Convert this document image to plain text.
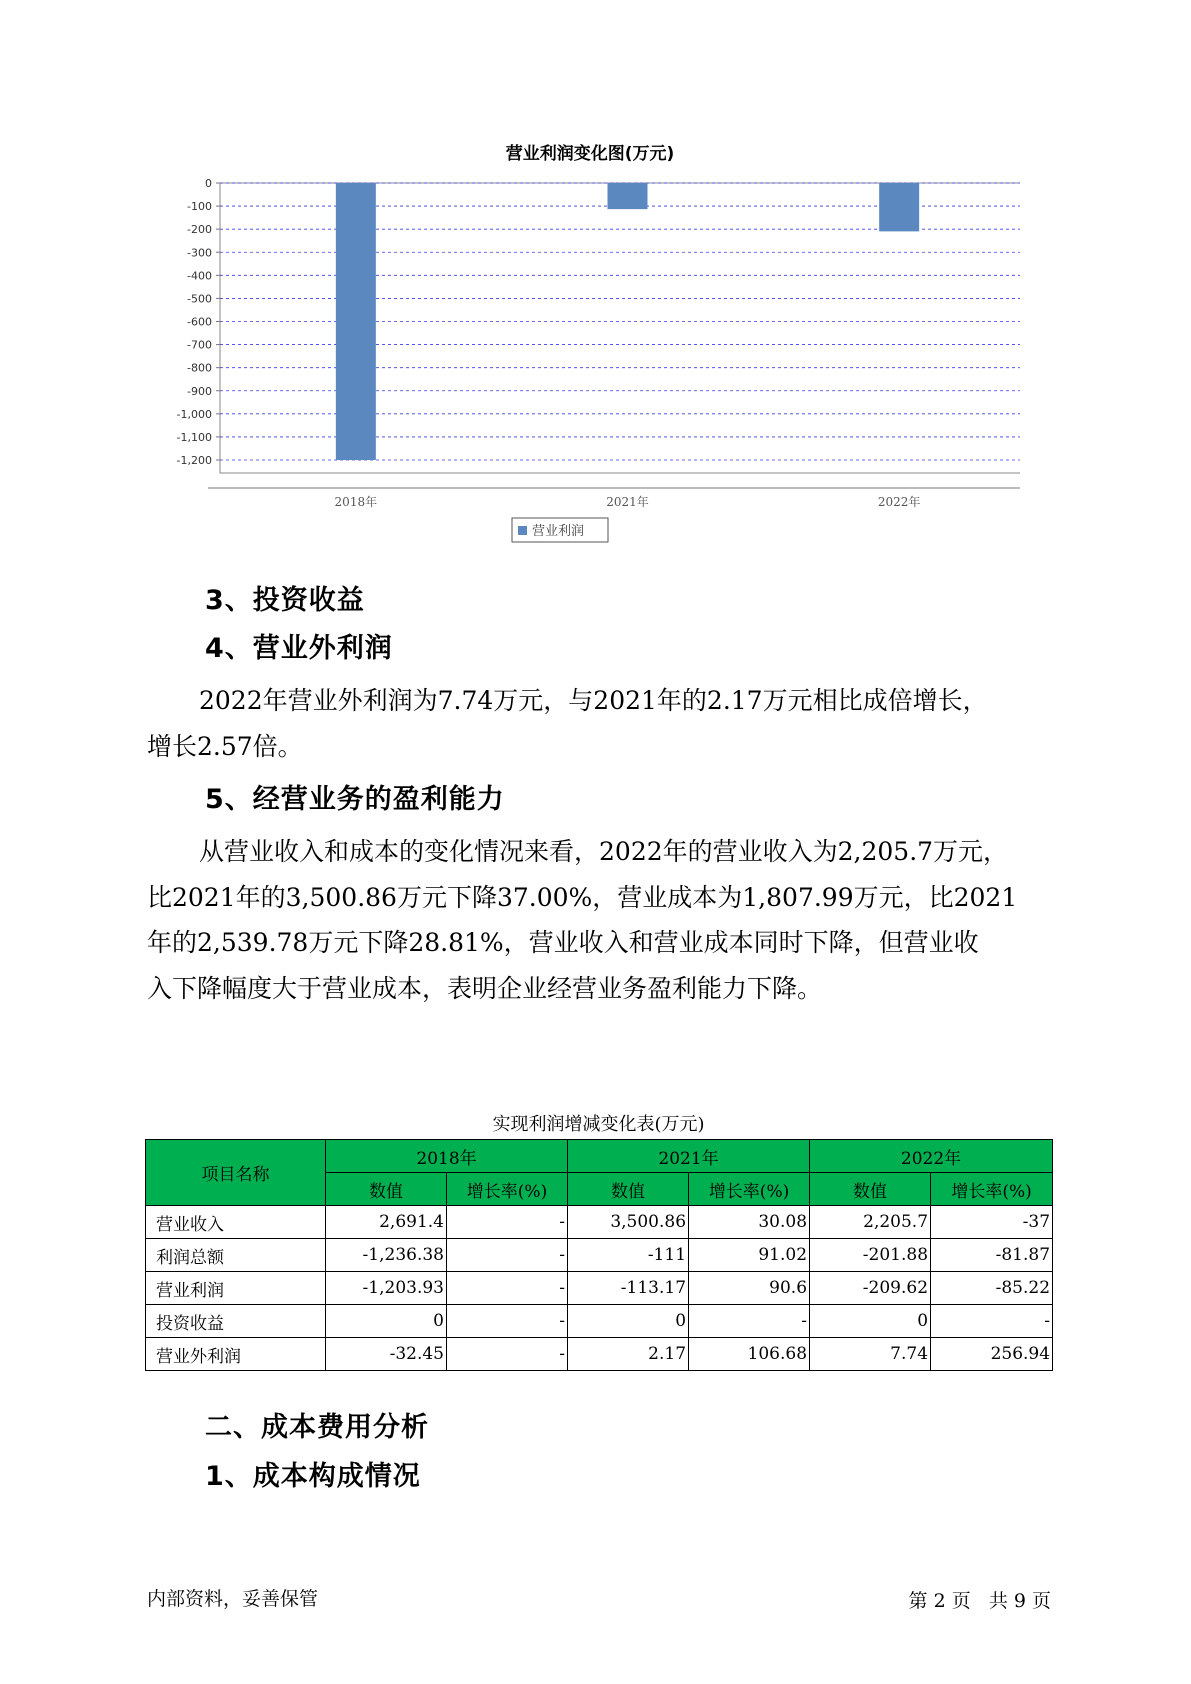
营业利润变化图(万元)
0
-100
-200
-300
-400
-500
-600
-700
-800
-900
-1,000
-1,100
-1,200
2018年	2021年	2022年
营业利润
3、投资收益
4、营业外利润
2022年营业外利润为7.74万元，与2021年的2.17万元相比成倍增长，
增长2.57倍。
5、经营业务的盈利能力
从营业收入和成本的变化情况来看，2022年的营业收入为2,205.7万元，
比2021年的3,500.86万元下降37.00%，营业成本为1,807.99万元，比2021
年的2,539.78万元下降28.81%，营业收入和营业成本同时下降，但营业收
入下降幅度大于营业成本，表明企业经营业务盈利能力下降。
实现利润增减变化表(万元)
项目名称	2018年		2021年		2022年	
	数值	增长率(%)	数值	增长率(%)	数值	增长率(%)
营业收入	2,691.4	-	3,500.86	30.08	2,205.7	-37
利润总额	-1,236.38	-	-111	91.02	-201.88	-81.87
营业利润	-1,203.93	-	-113.17	90.6	-209.62	-85.22
投资收益	0	-	0	-	0	-
营业外利润	-32.45	-	2.17	106.68	7.74	256.94
二、成本费用分析
1、成本构成情况
内部资料，妥善保管	第 2 页   共 9 页
